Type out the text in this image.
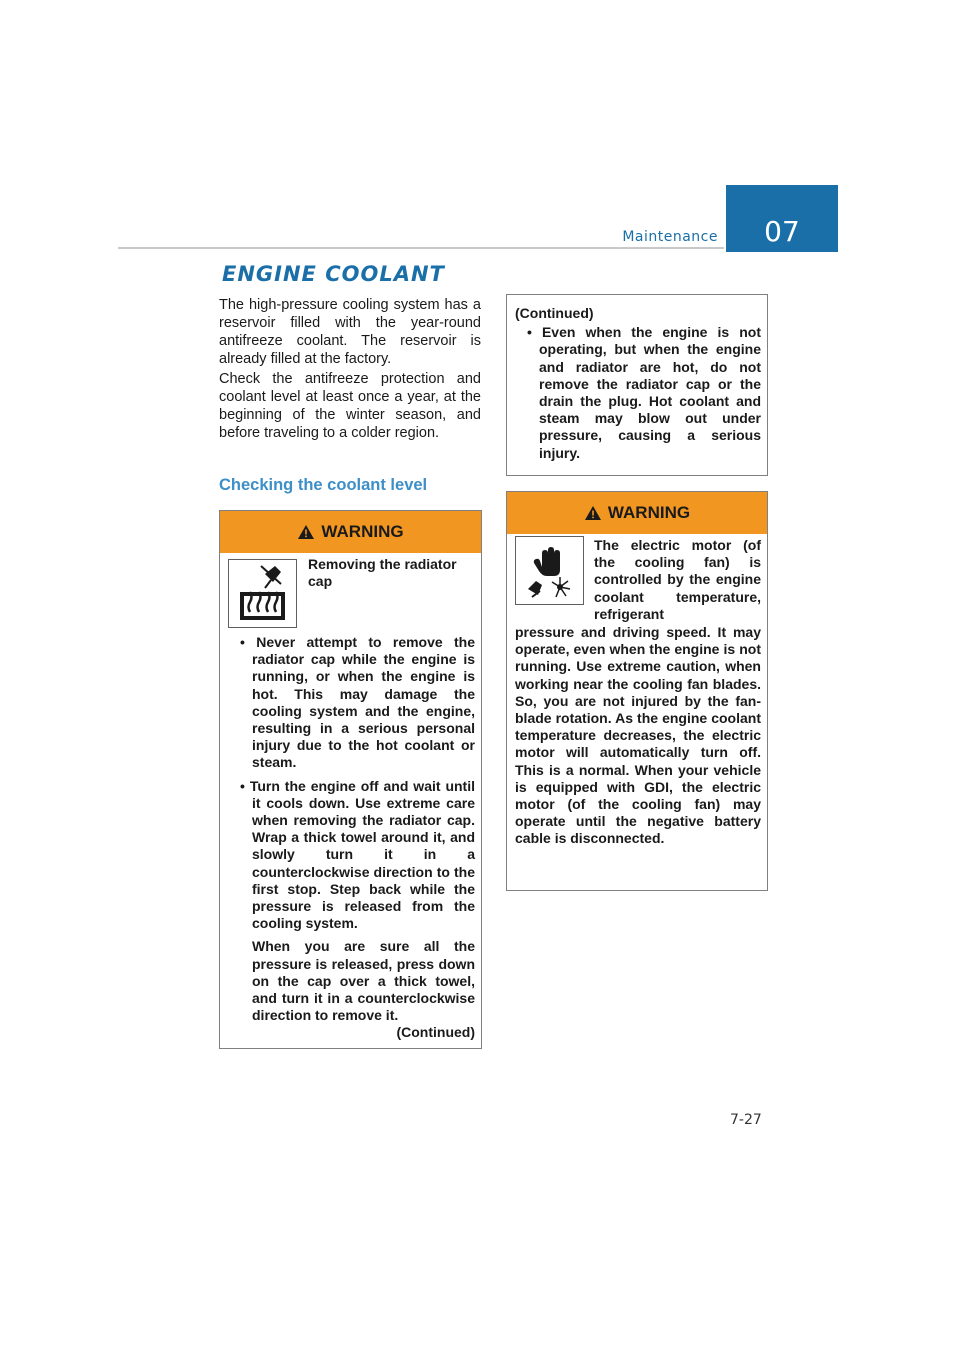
Maintenance	07
ENGINE COOLANT

The high-pressure cooling system has a reservoir filled with the year-round antifreeze coolant. The reservoir is already filled at the factory.

Check the antifreeze protection and coolant level at least once a year, at the beginning of the winter season, and before traveling to a colder region.

Checking the coolant level
WARNING
Removing the radiator cap

• Never attempt to remove the radiator cap while the engine is running, or when the engine is hot. This may damage the cooling system and the engine, resulting in a serious personal injury due to the hot coolant or steam.

• Turn the engine off and wait until it cools down. Use extreme care when removing the radiator cap. Wrap a thick towel around it, and slowly turn it in a counterclockwise direction to the first stop. Step back while the pressure is released from the cooling system.

When you are sure all the pressure is released, press down on the cap over a thick towel, and turn it in a counterclockwise direction to remove it.

(Continued)

(Continued)

• Even when the engine is not operating, but when the engine and radiator are hot, do not remove the radiator cap or the drain the plug. Hot coolant and steam may blow out under pressure, causing a serious injury.

WARNING
The electric motor (of the cooling fan) is controlled by the engine coolant temperature, refrigerant
pressure and driving speed. It may operate, even when the engine is not running. Use extreme caution, when working near the cooling fan blades. So, you are not injured by the fan-blade rotation. As the engine coolant temperature decreases, the electric motor will automatically turn off. This is a normal. When your vehicle is equipped with GDI, the electric motor (of the cooling fan) may operate until the negative battery cable is disconnected.
7-27
